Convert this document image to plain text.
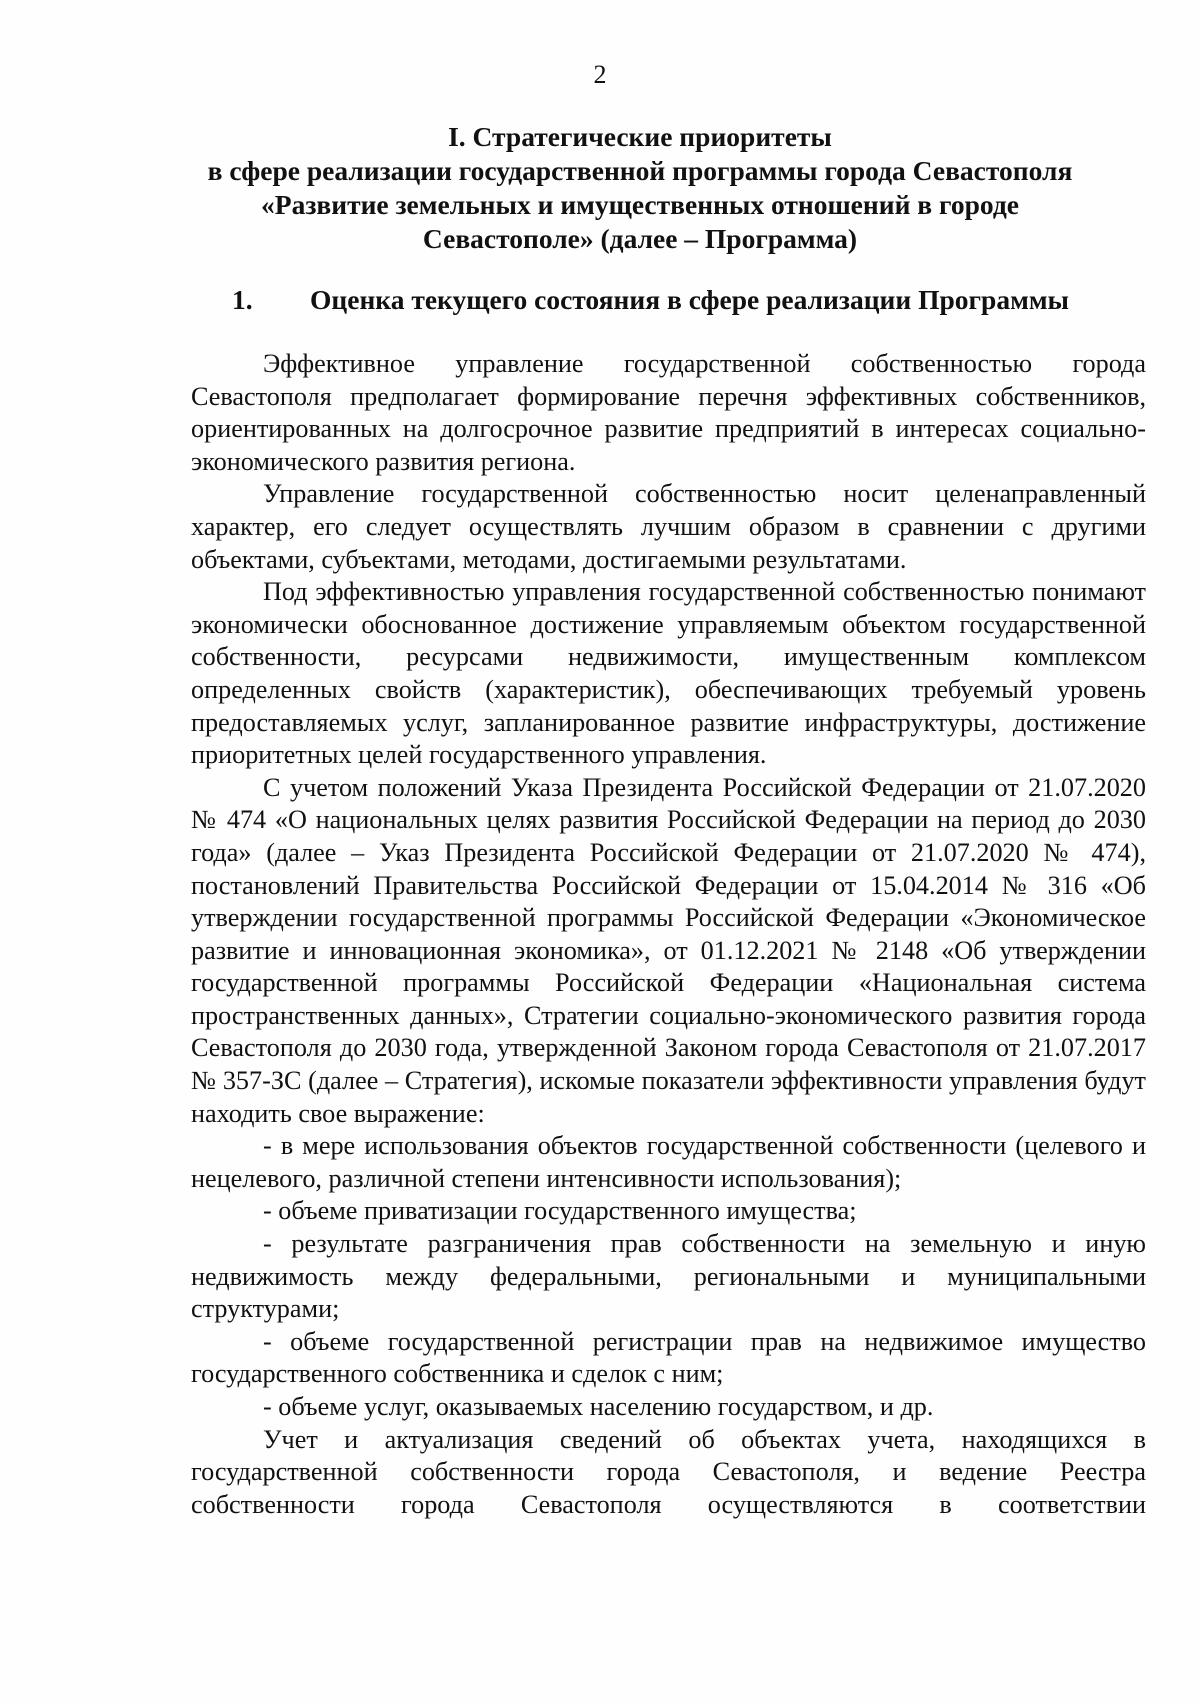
2
I. Стратегические приоритеты
в сфере реализации государственной программы города Севастополя
«Развитие земельных и имущественных отношений в городе
Севастополе» (далее – Программа)
1. Оценка текущего состояния в сфере реализации Программы

Эффективное управление государственной собственностью города Севастополя предполагает формирование перечня эффективных собственников, ориентированных на долгосрочное развитие предприятий в интересах социально-экономического развития региона.

Управление государственной собственностью носит целенаправленный характер, его следует осуществлять лучшим образом в сравнении с другими объектами, субъектами, методами, достигаемыми результатами.

Под эффективностью управления государственной собственностью понимают экономически обоснованное достижение управляемым объектом государственной собственности, ресурсами недвижимости, имущественным комплексом определенных свойств (характеристик), обеспечивающих требуемый уровень предоставляемых услуг, запланированное развитие инфраструктуры, достижение приоритетных целей государственного управления.

С учетом положений Указа Президента Российской Федерации от 21.07.2020 № 474 «О национальных целях развития Российской Федерации на период до 2030 года» (далее – Указ Президента Российской Федерации от 21.07.2020 № 474), постановлений Правительства Российской Федерации от 15.04.2014 № 316 «Об утверждении государственной программы Российской Федерации «Экономическое развитие и инновационная экономика», от 01.12.2021 № 2148 «Об утверждении государственной программы Российской Федерации «Национальная система пространственных данных», Стратегии социально-экономического развития города Севастополя до 2030 года, утвержденной Законом города Севастополя от 21.07.2017 № 357-ЗС (далее – Стратегия), искомые показатели эффективности управления будут находить свое выражение:

- в мере использования объектов государственной собственности (целевого и нецелевого, различной степени интенсивности использования);

- объеме приватизации государственного имущества;

- результате разграничения прав собственности на земельную и иную недвижимость между федеральными, региональными и муниципальными структурами;

- объеме государственной регистрации прав на недвижимое имущество государственного собственника и сделок с ним;

- объеме услуг, оказываемых населению государством, и др.

Учет и актуализация сведений об объектах учета, находящихся в государственной собственности города Севастополя, и ведение Реестра собственности города Севастополя осуществляются в соответствии
